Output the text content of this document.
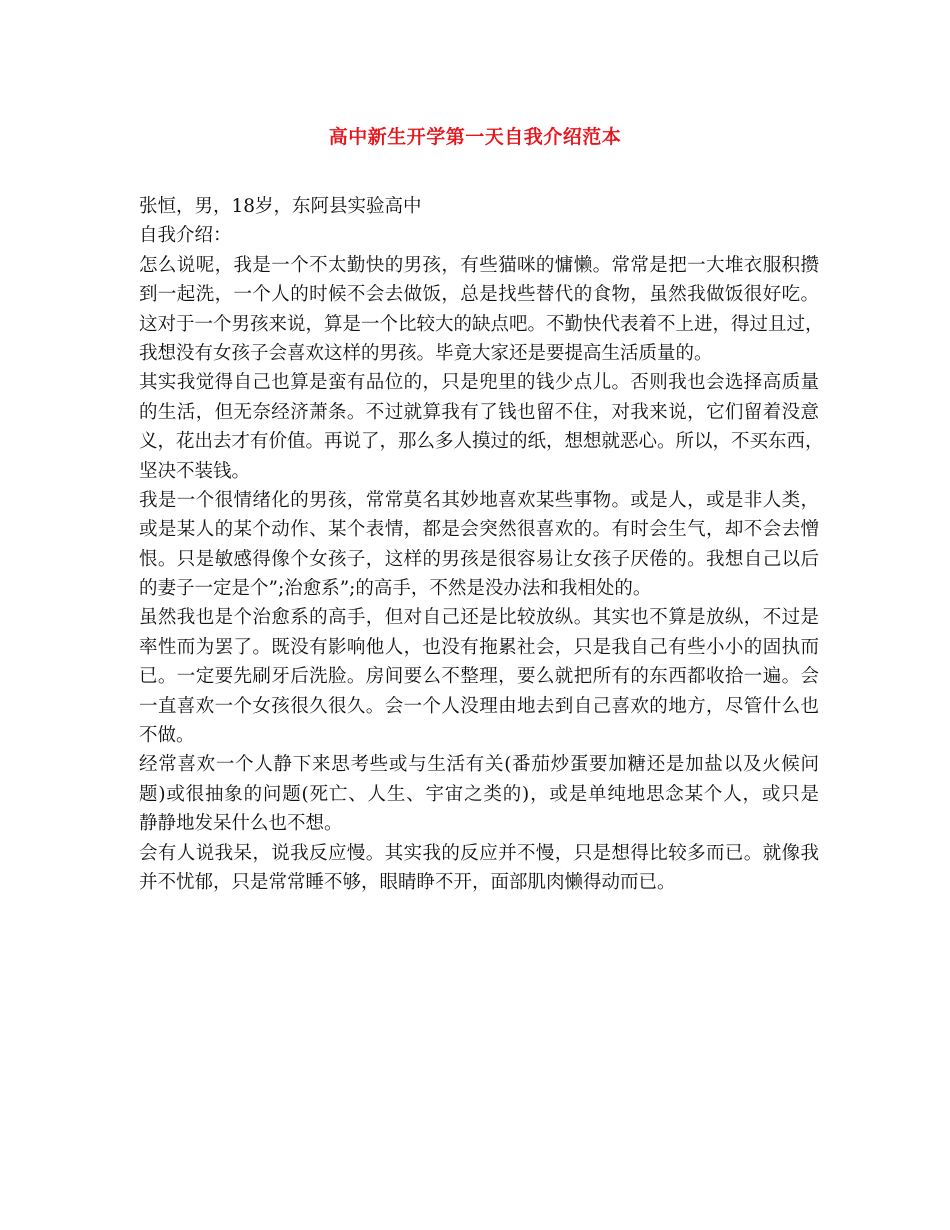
高中新生开学第一天自我介绍范本
张恒，男，18岁，东阿县实验高中
自我介绍：
怎么说呢，我是一个不太勤快的男孩，有些猫咪的慵懒。常常是把一大堆衣服积攒
到一起洗，一个人的时候不会去做饭，总是找些替代的食物，虽然我做饭很好吃。
这对于一个男孩来说，算是一个比较大的缺点吧。不勤快代表着不上进，得过且过，
我想没有女孩子会喜欢这样的男孩。毕竟大家还是要提高生活质量的。
其实我觉得自己也算是蛮有品位的，只是兜里的钱少点儿。否则我也会选择高质量
的生活，但无奈经济萧条。不过就算我有了钱也留不住，对我来说，它们留着没意
义，花出去才有价值。再说了，那么多人摸过的纸，想想就恶心。所以，不买东西，
坚决不装钱。
我是一个很情绪化的男孩，常常莫名其妙地喜欢某些事物。或是人，或是非人类，
或是某人的某个动作、某个表情，都是会突然很喜欢的。有时会生气，却不会去憎
恨。只是敏感得像个女孩子，这样的男孩是很容易让女孩子厌倦的。我想自己以后
的妻子一定是个”;治愈系”;的高手，不然是没办法和我相处的。
虽然我也是个治愈系的高手，但对自己还是比较放纵。其实也不算是放纵，不过是
率性而为罢了。既没有影响他人，也没有拖累社会，只是我自己有些小小的固执而
已。一定要先刷牙后洗脸。房间要么不整理，要么就把所有的东西都收拾一遍。会
一直喜欢一个女孩很久很久。会一个人没理由地去到自己喜欢的地方，尽管什么也
不做。
经常喜欢一个人静下来思考些或与生活有关(番茄炒蛋要加糖还是加盐以及火候问
题)或很抽象的问题(死亡、人生、宇宙之类的)，或是单纯地思念某个人，或只是
静静地发呆什么也不想。
会有人说我呆，说我反应慢。其实我的反应并不慢，只是想得比较多而已。就像我
并不忧郁，只是常常睡不够，眼睛睁不开，面部肌肉懒得动而已。
